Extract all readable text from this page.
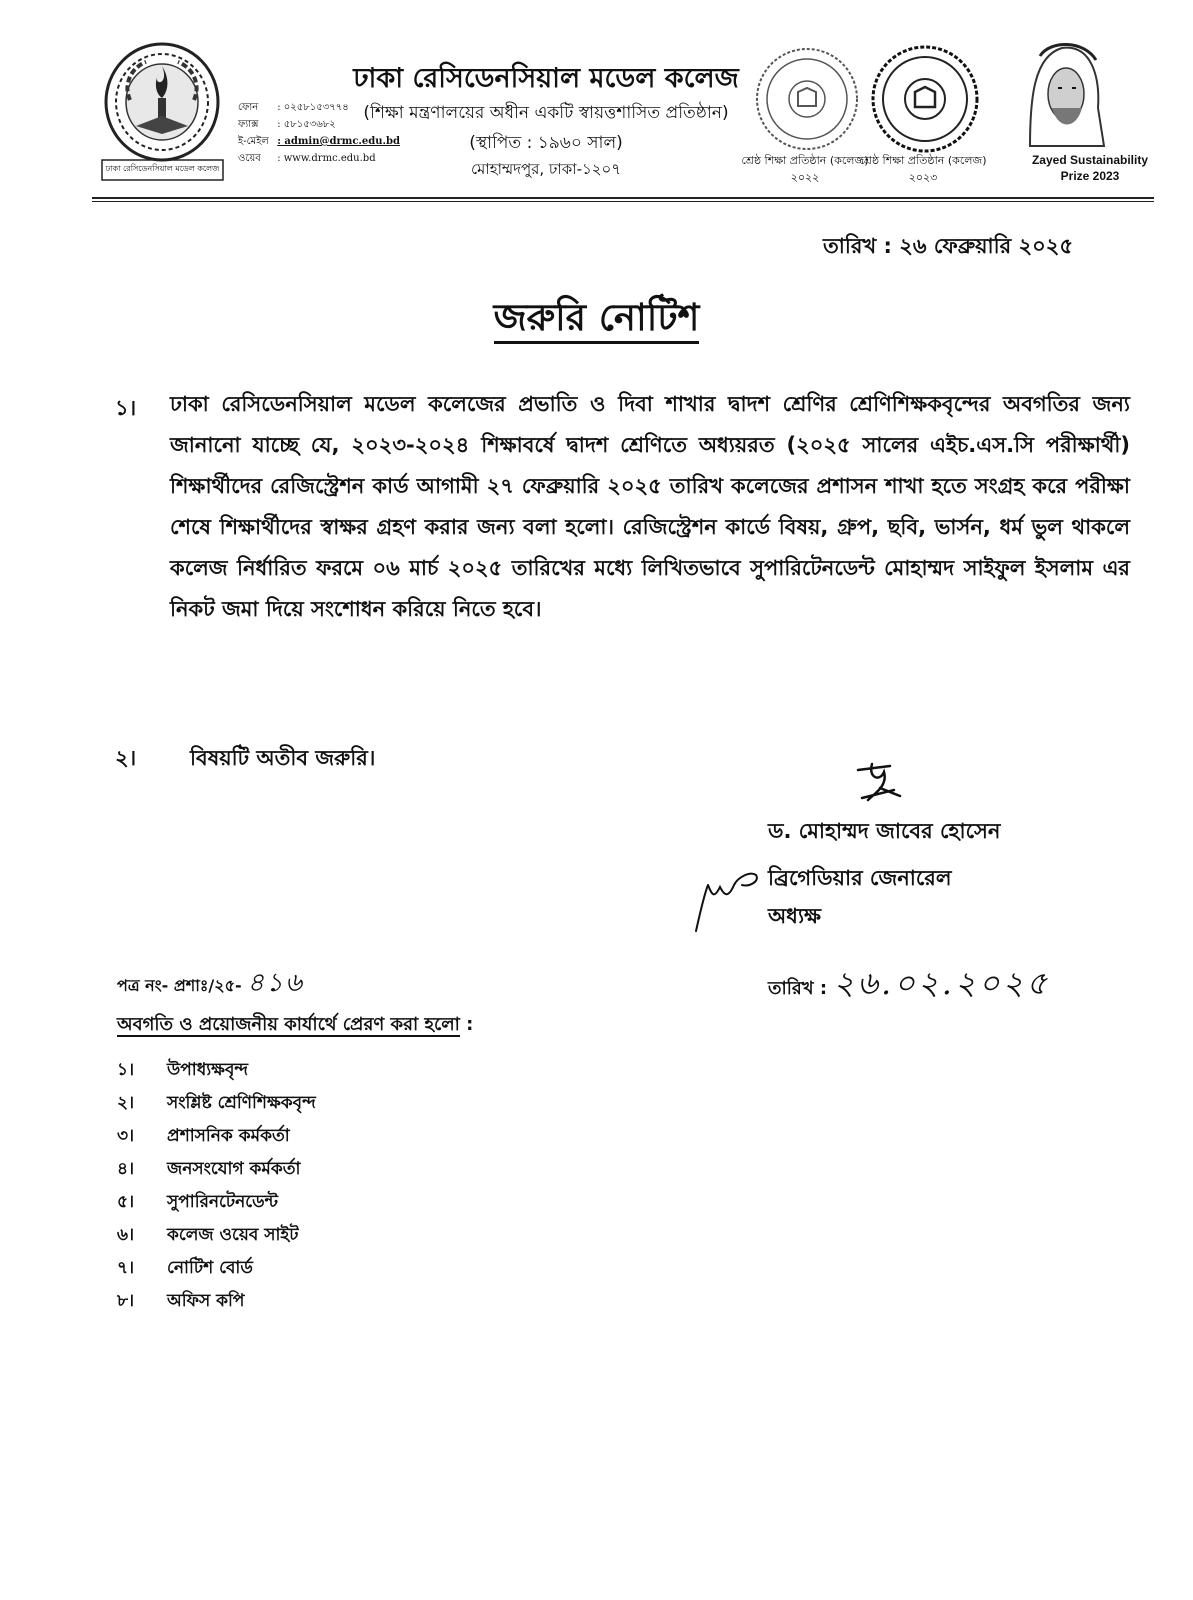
ঢাকা রেসিডেনসিয়াল মডেল কলেজ
ফোন : ০২৫৮১৫৩৭৭৪
ফ্যাক্স : ৫৮১৫৩৬৮২
ই-মেইল : admin@drmc.edu.bd
ওয়েব : www.drmc.edu.bd
ঢাকা রেসিডেনসিয়াল মডেল কলেজ
(শিক্ষা মন্ত্রণালয়ের অধীন একটি স্বায়ত্তশাসিত প্রতিষ্ঠান)
(স্থাপিত : ১৯৬০ সাল)
মোহাম্মদপুর, ঢাকা-১২০৭	শ্রেষ্ঠ শিক্ষা প্রতিষ্ঠান (কলেজ)
২০২২
শ্রেষ্ঠ শিক্ষা প্রতিষ্ঠান (কলেজ)
২০২৩
Zayed Sustainability
Prize 2023
তারিখ : ২৬ ফেব্রুয়ারি ২০২৫
জরুরি নোটিশ
১। ঢাকা রেসিডেনসিয়াল মডেল কলেজের প্রভাতি ও দিবা শাখার দ্বাদশ শ্রেণির শ্রেণিশিক্ষকবৃন্দের অবগতির জন্য জানানো যাচ্ছে যে, ২০২৩-২০২৪ শিক্ষাবর্ষে দ্বাদশ শ্রেণিতে অধ্যয়রত (২০২৫ সালের এইচ.এস.সি পরীক্ষার্থী) শিক্ষার্থীদের রেজিস্ট্রেশন কার্ড আগামী ২৭ ফেব্রুয়ারি ২০২৫ তারিখ কলেজের প্রশাসন শাখা হতে সংগ্রহ করে পরীক্ষা শেষে শিক্ষার্থীদের স্বাক্ষর গ্রহণ করার জন্য বলা হলো। রেজিস্ট্রেশন কার্ডে বিষয়, গ্রুপ, ছবি, ভার্সন, ধর্ম ভুল থাকলে কলেজ নির্ধারিত ফরমে ০৬ মার্চ ২০২৫ তারিখের মধ্যে লিখিতভাবে সুপারিটেনডেন্ট মোহাম্মদ সাইফুল ইসলাম এর নিকট জমা দিয়ে সংশোধন করিয়ে নিতে হবে।
২।	বিষয়টি অতীব জরুরি।
ড. মোহাম্মদ জাবের হোসেন
ব্রিগেডিয়ার জেনারেল
অধ্যক্ষ
পত্র নং- প্রশাঃ/২৫- ৪১৬	তারিখ : ২৬.০২.২০২৫
অবগতি ও প্রয়োজনীয় কার্যার্থে প্রেরণ করা হলো :
১।	উপাধ্যক্ষবৃন্দ
২।	সংশ্লিষ্ট শ্রেণিশিক্ষকবৃন্দ
৩।	প্রশাসনিক কর্মকর্তা
৪।	জনসংযোগ কর্মকর্তা
৫।	সুপারিনটেনডেন্ট
৬।	কলেজ ওয়েব সাইট
৭।	নোটিশ বোর্ড
৮।	অফিস কপি
